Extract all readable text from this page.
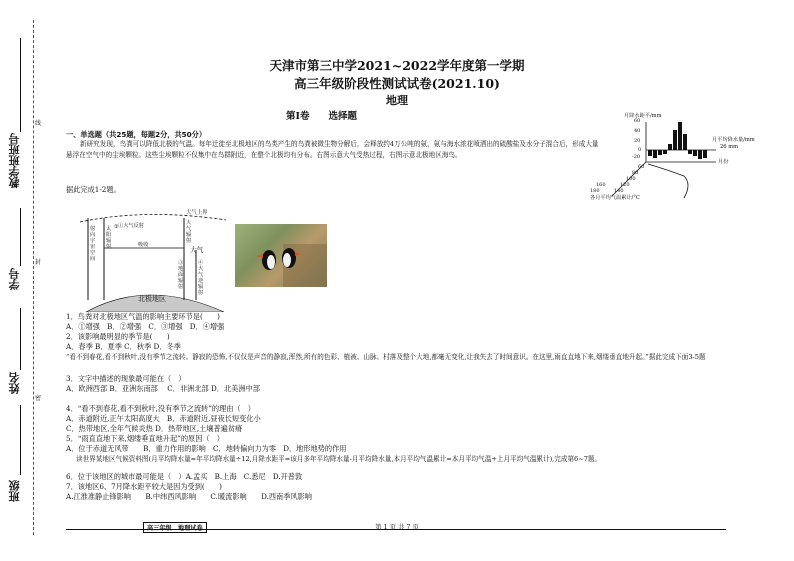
教学班班号
学号
姓名
班级
线
封
密
天津市第三中学2021~2022学年度第一学期
高三年级阶段性测试试卷(2021.10)
地理
第Ⅰ卷　　选择题
一、单选题（共25题，每题2分，共50分）
新研究发现，鸟粪可以降低北极的气温。每年迁徙至北极地区的鸟类产生的鸟粪被微生物分解后，会释放约4万公吨的氨，氨与海水浓花喷洒出的硫酸盐及水分子混合后，形成大量悬浮在空气中的尘埃颗粒。这些尘埃颗粒不仅集中在鸟群附近，在整个北极均有分布。右图示意大气受热过程，右图示意北极地区海鸟。
据此完成1-2题。
①
射向宇宙空间
太阳辐射
①大气反射
大气上界
吸收
大气辐射
大气
③地面辐射
④大气逆辐射
北极地区
1．鸟粪对北极地区气温的影响主要环节是(　　)
A．①增强　B．②增强　C．③增强　D．④增强
2．该影响最明显的季节是(　　)
A．春季 B．夏季 C．秋季 D．冬季
“看不到春花,看不到秋叶,没有季节之流转。静寂的恐怖,不仅仅是声音的静寂,浑然,所有的色彩、植被、山脉、村落及整个大地,都毫无变化,让我失去了时间意识。在这里,雨直直地下来,烟缕垂直地升起。”据此完成下面3-5题
3．文字中描述的现象最可能在（　）
A．欧洲西部 B．亚洲东南部　 C．非洲北部 D．北美洲中部
4．“看不到春花,看不到秋叶,没有季节之流转”的理由（　）
A．赤道附近,正午太阳高度大　B．赤道附近,昼夜长短变化小
C．热带地区,全年气候炎热 D．热带地区,土壤普遍贫瘠
5．“雨直直地下来,烟缕垂直地升起”的原因（　）
A．位于赤道无风带　　B．重力作用的影响　C．地转偏向力为零　D．地形地势的作用
读世界某地区气候资料图(月平均降水量=年平均降水量÷12,月降水距平=该月多年平均降水量-月平均降水量,本月平均气温累计=本月平均气温+上月平均气温累计),完成第6~7题。
6．位于该地区的城市最可能是（　）A.孟买　B.上海　C.悉尼　D.开普敦
7．该地区6、7月降水距平较大是因为受到(　　)
A.江淮准静止锋影响　　B.中纬西风影响　　C.暖流影响　　D.西南季风影响
月降水距平/mm
月平均降水量/mm
26 mm
60
40
20
0
-20
月份
各月平均气温累计/°C
60
80
100
120
140
160
180
高三年级　地理试卷	第 1 页 共 7 页
